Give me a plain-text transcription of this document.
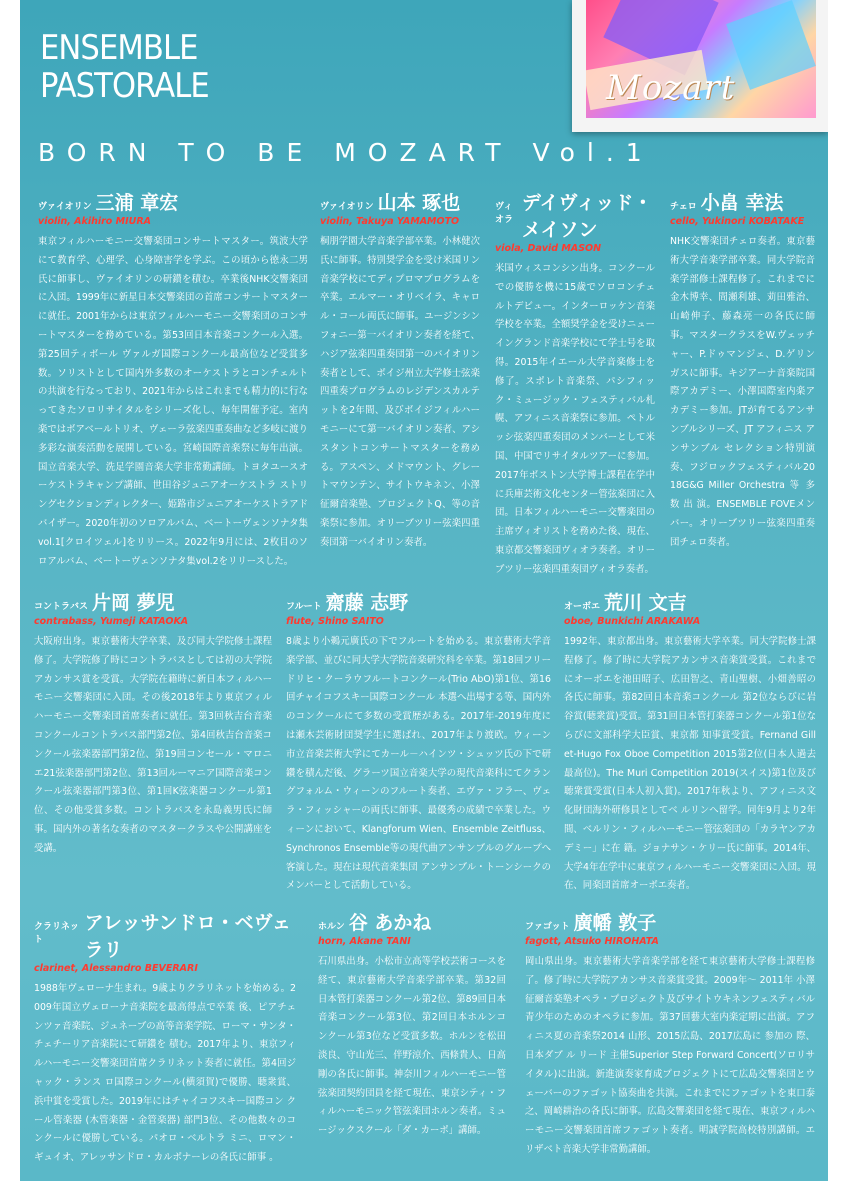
Mozart
ENSEMBLE
PASTORALE
BORN TO BE MOZART Vol.1
ヴァイオリン 三浦 章宏
violin, Akihiro MIURA
東京フィルハーモニー交響楽団コンサートマスター。筑波大学にて教育学、心理学、心身障害学を学ぶ。この頃から徳永二男氏に師事し、ヴァイオリンの研鑚を積む。卒業後NHK交響楽団に入団。1999年に新星日本交響楽団の首席コンサートマスターに就任。2001年からは東京フィルハーモニー交響楽団のコンサートマスターを務めている。第53回日本音楽コンクール入選。第25回ティボール ヴァルガ国際コンクール最高位など受賞多数。ソリストとして国内外多数のオーケストラとコンチェルトの共演を行なっており、2021年からはこれまでも精力的に行なってきたソロリサイタルをシリーズ化し、毎年開催予定。室内楽ではボアベールトリオ、ヴェーラ弦楽四重奏曲など多岐に渡り多彩な演奏活動を展開している。宮崎国際音楽祭に毎年出演。国立音楽大学、洗足学園音楽大学非常勤講師。トヨタユースオーケストラキャンプ講師、世田谷ジュニアオーケストラ ストリングセクションディレクター、姫路市ジュニアオーケストラアドバイザー。2020年初のソロアルバム、ベートーヴェンソナタ集vol.1[クロイツェル]をリリース。2022年9月には、2枚目のソロアルバム、ベートーヴェンソナタ集vol.2をリリースした。
ヴァイオリン 山本 琢也
violin, Takuya YAMAMOTO
桐朋学園大学音楽学部卒業。小林健次氏に師事。特別奨学金を受け米国リン音楽学校にてディプロマプログラムを卒業。エルマー・オリベイラ、キャロル・コール両氏に師事。ユージンシンフォニー第一バイオリン奏者を経て、ハジア弦楽四重奏団第一のバイオリン奏者として、ボイジ州立大学修士弦楽四重奏プログラムのレジデンスカルテットを2年間、及びボイジフィルハーモニーにて第一バイオリン奏者、アシスタントコンサートマスターを務める。アスペン、メドマウント、グレートマウンテン、サイトウキネン、小澤征爾音楽塾、プロジェクトQ、等の音楽祭に参加。オリーブツリー弦楽四重奏団第一バイオリン奏者。
ヴィオラ
デイヴィッド・メイソン
viola, David MASON
米国ウィスコンシン出身。コンクールでの優勝を機に15歳でソロコンチェルトデビュー。インターロッケン音楽学校を卒業。全額奨学金を受けニューイングランド音楽学校にて学士号を取得。2015年イエール大学音楽修士を修了。スポレト音楽祭、パシフィック・ミュージック・フェスティバル札幌、アフィニス音楽祭に参加。ペトルッシ弦楽四重奏団のメンバーとして米国、中国でリサイタルツアーに参加。2017年ボストン大学博士課程在学中に兵庫芸術文化センター管弦楽団に入団。日本フィルハーモニー交響楽団の主席ヴィオリストを務めた後、現在、東京都交響楽団ヴィオラ奏者。オリーブツリー弦楽四重奏団ヴィオラ奏者。
チェロ 小畠 幸法
cello, Yukinori KOBATAKE
NHK交響楽団チェロ奏者。東京藝術大学音楽学部卒業。同大学院音楽学部修士課程修了。これまでに金木博幸、間瀬利雄、苅田雅治、山崎伸子、藤森亮一の各氏に師事。マスタークラスをW.ヴェッチャー、P.ドゥマンジェ、D.ゲリンガスに師事。キジアーナ音楽院国際アカデミー、小澤国際室内楽アカデミー参加。JTが育てるアンサンブルシリーズ、JT アフィニス アンサンブル セレクション特別演奏、フジロックフェスティバル2018G&G Miller Orchestra 等 多 数 出 演。ENSEMBLE FOVEメンバー。オリーブツリー弦楽四重奏団チェロ奏者。
コントラバス 片岡 夢児
contrabass, Yumeji KATAOKA
大阪府出身。東京藝術大学卒業、及び同大学院修士課程修了。大学院修了時にコントラバスとしては初の大学院アカンサス賞を受賞。大学院在籍時に新日本フィルハーモニー交響楽団に入団。その後2018年より東京フィルハーモニー交響楽団首席奏者に就任。第3回秋吉台音楽コンクールコントラバス部門第2位、第4回秋吉台音楽コンクール弦楽器部門第2位、第19回コンセール・マロニエ21弦楽器部門第2位、第13回ルーマニア国際音楽コンクール弦楽器部門第3位、第1回K弦楽器コンクール第1位、その他受賞多数。コントラバスを永島義男氏に師事。国内外の著名な奏者のマスタークラスや公開講座を受講。
フルート 齋藤 志野
flute, Shino SAITO
8歳より小鵜元廣氏の下でフルートを始める。東京藝術大学音楽学部、並びに同大学大学院音楽研究科を卒業。第18回フリードリヒ・クーラウフルートコンクール(Trio AbO)第1位、第16回チャイコフスキー国際コンクール 本選へ出場する等、国内外のコンクールにて多数の受賞歴がある。2017年-2019年度には瀬木芸術財団奨学生に選ばれ、2017年より渡欧。ウィーン市立音楽芸術大学にてカール－ハインツ・シュッツ氏の下で研鑽を積んだ後、グラーツ国立音楽大学の現代音楽科にてクラングフォルム・ウィーンのフルート奏者、エヴァ・フラー、ヴェラ・フィッシャーの両氏に師事、最優秀の成績で卒業した。ウィーンにおいて、Klangforum Wien、Ensemble Zeitfluss、Synchronos Ensemble等の現代曲アンサンブルのグループへ客演した。現在は現代音楽集団 アンサンブル・トーンシークのメンバーとして活動している。
オーボエ 荒川 文吉
oboe, Bunkichi ARAKAWA
1992年、東京都出身。東京藝術大学卒業。同大学院修士課程修了。修了時に大学院アカンサス音楽賞受賞。これまでにオーボエを池田昭子、広田智之、青山聖樹、小畑善昭の各氏に師事。第82回日本音楽コンクール 第2位ならびに岩谷賞(聴衆賞)受賞。第31回日本管打楽器コンクール第1位ならびに文部科学大臣賞、東京都 知事賞受賞。Fernand Gillet-Hugo Fox Oboe Competition 2015第2位(日本人過去最高位)。The Muri Competition 2019(スイス)第1位及び聴衆賞受賞(日本人初入賞)。2017年秋より、アフィニス文化財団海外研修員としてベ ルリンへ留学。同年9月より2年間、ベルリン・フィルハーモニー管弦楽団の「カラヤンアカデミー」に在 籍。ジョナサン・ケリー氏に師事。2014年、大学4年在学中に東京フィルハーモニー交響楽団に入団。現 在、同楽団首席オーボエ奏者。
クラリネット
アレッサンドロ・ベヴェラリ
clarinet, Alessandro BEVERARI
1988年ヴェローナ生まれ。9歳よりクラリネットを始める。2009年国立ヴェローナ音楽院を最高得点で卒業 後、ピアチェンツァ音楽院、ジュネーブの高等音楽学院、ローマ・サンタ・チェチーリア音楽院にて研鑽を 積む。2017年より、東京フィルハーモニー交響楽団首席クラリネット奏者に就任。第4回ジャック・ランス ロ国際コンクール(横須賀)で優勝、聴衆賞、浜中賞を受賞した。2019年にはチャイコフスキー国際コン クール管楽器 (木管楽器・金管楽器) 部門3位、その他数々のコンクールに優勝している。パオロ・ベルトラ ミニ、ロマン・ギュイオ、アレッサンドロ・カルボナーレの各氏に師事 。
ホルン 谷 あかね
horn, Akane TANI
石川県出身。小松市立高等学校芸術コースを経て、東京藝術大学音楽学部卒業。第32回日本管打楽器コンクール第2位、第89回日本音楽コンクール第3位、第2回日本ホルンコンクール第3位など受賞多数。ホルンを松田淡良、守山光三、伴野涼介、西條貴人、日高剛の各氏に師事。神奈川フィルハーモニー管弦楽団契約団員を経て現在、東京シティ・フィルハーモニック管弦楽団ホルン奏者。ミュージックスクール「ダ・カーポ」講師。
ファゴット 廣幡 敦子
fagott, Atsuko HIROHATA
岡山県出身。東京藝術大学音楽学部を経て東京藝術大学修士課程修了。修了時に大学院アカンサス音楽賞受賞。2009年～ 2011年 小澤征爾音楽塾オペラ・プロジェクト及びサイトウキネンフェスティバル 青少年のためのオペラに参加。第37回藝大室内楽定期に出演。アフィニス夏の音楽祭2014 山形、2015広島、2017広島に 参加の 際、日本ダブ ル リード 主催Superior Step Forward Concert(ソロリサイタル)に出演。新進演奏家育成プロジェクトにて広島交響楽団とウェーバーのファゴット協奏曲を共演。これまでにファゴットを東口泰之、岡崎耕治の各氏に師事。広島交響楽団を経て現在、東京フィルハーモニー交響楽団首席ファゴット奏者。明誠学院高校特別講師。エリザベト音楽大学非常勤講師。
